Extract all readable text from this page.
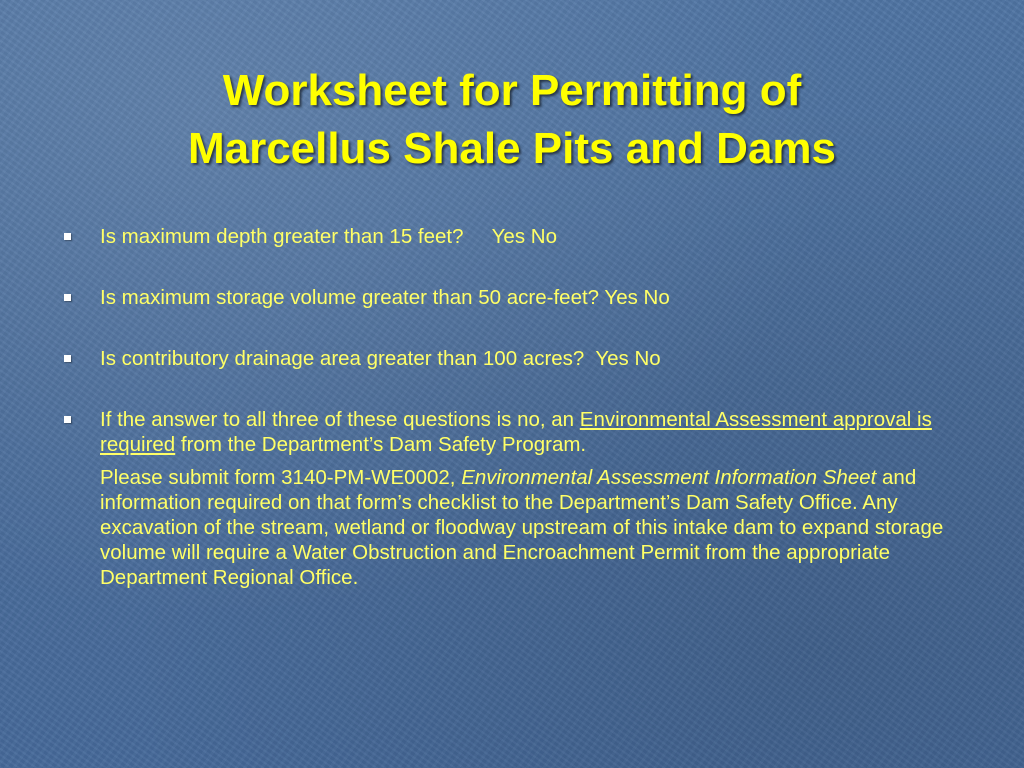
Worksheet for Permitting of
Marcellus Shale Pits and Dams
Is maximum depth greater than 15 feet? Yes No
Is maximum storage volume greater than 50 acre-feet? Yes No
Is contributory drainage area greater than 100 acres? Yes No
If the answer to all three of these questions is no, an Environmental Assessment approval is required from the Department’s Dam Safety Program.
Please submit form 3140-PM-WE0002, Environmental Assessment Information Sheet and information required on that form’s checklist to the Department’s Dam Safety Office. Any excavation of the stream, wetland or floodway upstream of this intake dam to expand storage volume will require a Water Obstruction and Encroachment Permit from the appropriate Department Regional Office.
